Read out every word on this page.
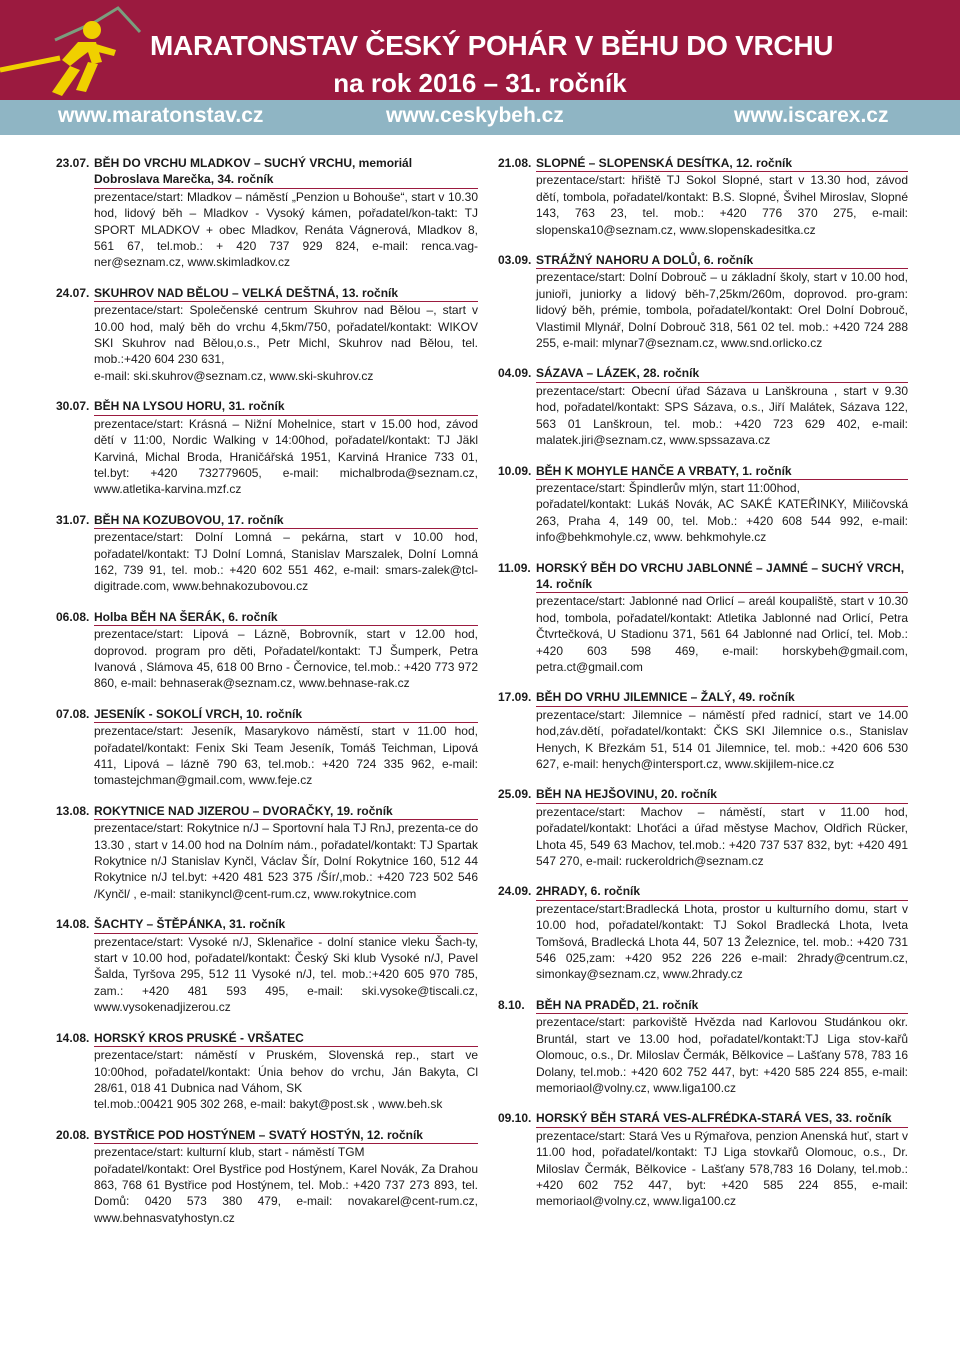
MARATONSTAV ČESKÝ POHÁR V BĚHU DO VRCHU
na rok 2016 – 31. ročník
www.maratonstav.cz	www.ceskybeh.cz	www.iscarex.cz
23.07. BĚH DO VRCHU MLADKOV – SUCHÝ VRCHU, memoriál Dobroslava Marečka, 34. ročník
prezentace/start: Mladkov – náměstí „Penzion u Bohouše“, start v 10.30 hod, lidový běh – Mladkov - Vysoký kámen, pořadatel/kon-takt: TJ SPORT MLADKOV + obec Mladkov, Renáta Vágnerová, Mladkov 8, 561 67, tel.mob.: + 420 737 929 824, e-mail: renca.vag-ner@seznam.cz, www.skimladkov.cz
24.07. SKUHROV NAD BĚLOU – VELKÁ DEŠTNÁ, 13. ročník
prezentace/start: Společenské centrum Skuhrov nad Bělou –, start v 10.00 hod, malý běh do vrchu 4,5km/750, pořadatel/kontakt: WIKOV SKI Skuhrov nad Bělou,o.s., Petr Michl, Skuhrov nad Bělou, tel. mob.:+420 604 230 631,
e-mail: ski.skuhrov@seznam.cz, www.ski-skuhrov.cz
30.07. BĚH NA LYSOU HORU, 31. ročník
prezentace/start: Krásná – Nižní Mohelnice, start v 15.00 hod, závod dětí v 11:00, Nordic Walking v 14:00hod, pořadatel/kontakt: TJ Jäkl Karviná, Michal Broda, Hraničářská 1951, Karviná Hranice 733 01, tel.byt: +420 732779605, e-mail: michalbroda@seznam.cz, www.atletika-karvina.mzf.cz
31.07. BĚH NA KOZUBOVOU, 17. ročník
prezentace/start: Dolní Lomná – pekárna, start v 10.00 hod, pořadatel/kontakt: TJ Dolní Lomná, Stanislav Marszalek, Dolní Lomná 162, 739 91, tel. mob.: +420 602 551 462, e-mail: smars-zalek@tcl-digitrade.com, www.behnakozubovou.cz
06.08. Holba BĚH NA ŠERÁK, 6. ročník
prezentace/start: Lipová – Lázně, Bobrovník, start v 12.00 hod, doprovod. program pro děti, Pořadatel/kontakt: TJ Šumperk, Petra Ivanová , Slámova 45, 618 00 Brno - Černovice, tel.mob.: +420 773 972 860, e-mail: behnaserak@seznam.cz, www.behnase-rak.cz
07.08. JESENÍK - SOKOLÍ VRCH, 10. ročník
prezentace/start: Jeseník, Masarykovo náměstí, start v 11.00 hod, pořadatel/kontakt: Fenix Ski Team Jeseník, Tomáš Teichman, Lipová 411, Lipová – lázně 790 63, tel.mob.: +420 724 335 962, e-mail: tomastejchman@gmail.com, www.feje.cz
13.08. ROKYTNICE NAD JIZEROU – DVORAČKY, 19. ročník
prezentace/start: Rokytnice n/J – Sportovní hala TJ RnJ, prezenta-ce do 13.30 , start v 14.00 hod na Dolním nám., pořadatel/kontakt: TJ Spartak Rokytnice n/J Stanislav Kynčl, Václav Šír, Dolní Rokytnice 160, 512 44 Rokytnice n/J tel.byt: +420 481 523 375 /Šír/,mob.: +420 723 502 546 /Kynčl/ , e-mail: stanikyncl@cent-rum.cz, www.rokytnice.com
14.08. ŠACHTY – ŠTĚPÁNKA, 31. ročník
prezentace/start: Vysoké n/J, Sklenařice - dolní stanice vleku Šach-ty, start v 10.00 hod, pořadatel/kontakt: Český Ski klub Vysoké n/J, Pavel Šalda, Tyršova 295, 512 11 Vysoké n/J, tel. mob.:+420 605 970 785, zam.: +420 481 593 495, e-mail: ski.vysoke@tiscali.cz, www.vysokenadjizerou.cz
14.08. HORSKÝ KROS PRUSKÉ - VRŠATEC
prezentace/start: náměstí v Pruském, Slovenská rep., start ve 10:00hod, pořadatel/kontakt: Únia behov do vrchu, Ján Bakyta, Cl 28/61, 018 41 Dubnica nad Váhom, SK
tel.mob.:00421 905 302 268, e-mail: bakyt@post.sk , www.beh.sk
20.08. BYSTŘICE POD HOSTÝNEM – SVATÝ HOSTÝN, 12. ročník
prezentace/start: kulturní klub, start - náměstí TGM
pořadatel/kontakt: Orel Bystřice pod Hostýnem, Karel Novák, Za Drahou 863, 768 61 Bystřice pod Hostýnem, tel. Mob.: +420 737 273 893, tel. Domů: 0420 573 380 479, e-mail: novakarel@cent-rum.cz, www.behnasvatyhostyn.cz
21.08. SLOPNÉ – SLOPENSKÁ DESÍTKA, 12. ročník
prezentace/start: hřiště TJ Sokol Slopné, start v 13.30 hod, závod dětí, tombola, pořadatel/kontakt: B.S. Slopné, Švihel Miroslav, Slopné 143, 763 23, tel. mob.: +420 776 370 275, e-mail: slopenska10@seznam.cz, www.slopenskadesitka.cz
03.09. STRÁŽNÝ NAHORU A DOLŮ, 6. ročník
prezentace/start: Dolní Dobrouč – u základní školy, start v 10.00 hod, junioři, juniorky a lidový běh-7,25km/260m, doprovod. pro-gram: lidový běh, prémie, tombola, pořadatel/kontakt: Orel Dolní Dobrouč, Vlastimil Mlynář, Dolní Dobrouč 318, 561 02 tel. mob.: +420 724 288 255, e-mail: mlynar7@seznam.cz, www.snd.orlicko.cz
04.09. SÁZAVA – LÁZEK, 28. ročník
prezentace/start: Obecní úřad Sázava u Lanškrouna , start v 9.30 hod, pořadatel/kontakt: SPS Sázava, o.s., Jiří Malátek, Sázava 122, 563 01 Lanškroun, tel. mob.: +420 723 629 402, e-mail: malatek.jiri@seznam.cz, www.spssazava.cz
10.09. BĚH K MOHYLE HANČE A VRBATY, 1. ročník
prezentace/start: Špindlerův mlýn, start 11:00hod,
pořadatel/kontakt: Lukáš Novák, AC SAKÉ KATEŘINKY, Miličovská 263, Praha 4, 149 00, tel. Mob.: +420 608 544 992, e-mail: info@behkmohyle.cz, www. behkmohyle.cz
11.09. HORSKÝ BĚH DO VRCHU JABLONNÉ – JAMNÉ – SUCHÝ VRCH, 14. ročník
prezentace/start: Jablonné nad Orlicí – areál koupaliště, start v 10.30 hod, tombola, pořadatel/kontakt: Atletika Jablonné nad Orlicí, Petra Čtvrtečková, U Stadionu 371, 561 64 Jablonné nad Orlicí, tel. Mob.: +420 603 598 469, e-mail: horskybeh@gmail.com, petra.ct@gmail.com
17.09. BĚH DO VRHU JILEMNICE – ŽALÝ, 49. ročník
prezentace/start: Jilemnice – náměstí před radnicí, start ve 14.00 hod,záv.dětí, pořadatel/kontakt: ČKS SKI Jilemnice o.s., Stanislav Henych, K Březkám 51, 514 01 Jilemnice, tel. mob.: +420 606 530 627, e-mail: henych@intersport.cz, www.skijilem-nice.cz
25.09. BĚH NA HEJŠOVINU, 20. ročník
prezentace/start: Machov – náměstí, start v 11.00 hod, pořadatel/kontakt: Lhoťáci a úřad městyse Machov, Oldřich Rücker, Lhota 45, 549 63 Machov, tel.mob.: +420 737 537 832, byt: +420 491 547 270, e-mail: ruckeroldrich@seznam.cz
24.09. 2HRADY, 6. ročník
prezentace/start:Bradlecká Lhota, prostor u kulturního domu, start v 10.00 hod, pořadatel/kontakt: TJ Sokol Bradlecká Lhota, Iveta Tomšová, Bradlecká Lhota 44, 507 13 Železnice, tel. mob.: +420 731 546 025,zam: +420 952 226 226 e-mail: 2hrady@centrum.cz, simonkay@seznam.cz, www.2hrady.cz
8.10. BĚH NA PRADĚD, 21. ročník
prezentace/start: parkoviště Hvězda nad Karlovou Studánkou okr. Bruntál, start ve 13.00 hod, pořadatel/kontakt:TJ Liga stov-kařů Olomouc, o.s., Dr. Miloslav Čermák, Bělkovice – Lašťany 578, 783 16 Dolany, tel.mob.: +420 602 752 447, byt: +420 585 224 855, e-mail: memoriaol@volny.cz, www.liga100.cz
09.10. HORSKÝ BĚH STARÁ VES-ALFRÉDKA-STARÁ VES, 33. ročník
prezentace/start: Stará Ves u Rýmařova, penzion Anenská huť, start v 11.00 hod, pořadatel/kontakt: TJ Liga stovkařů Olomouc, o.s., Dr. Miloslav Čermák, Bělkovice - Lašťany 578,783 16 Dolany, tel.mob.: +420 602 752 447, byt: +420 585 224 855, e-mail: memoriaol@volny.cz, www.liga100.cz
